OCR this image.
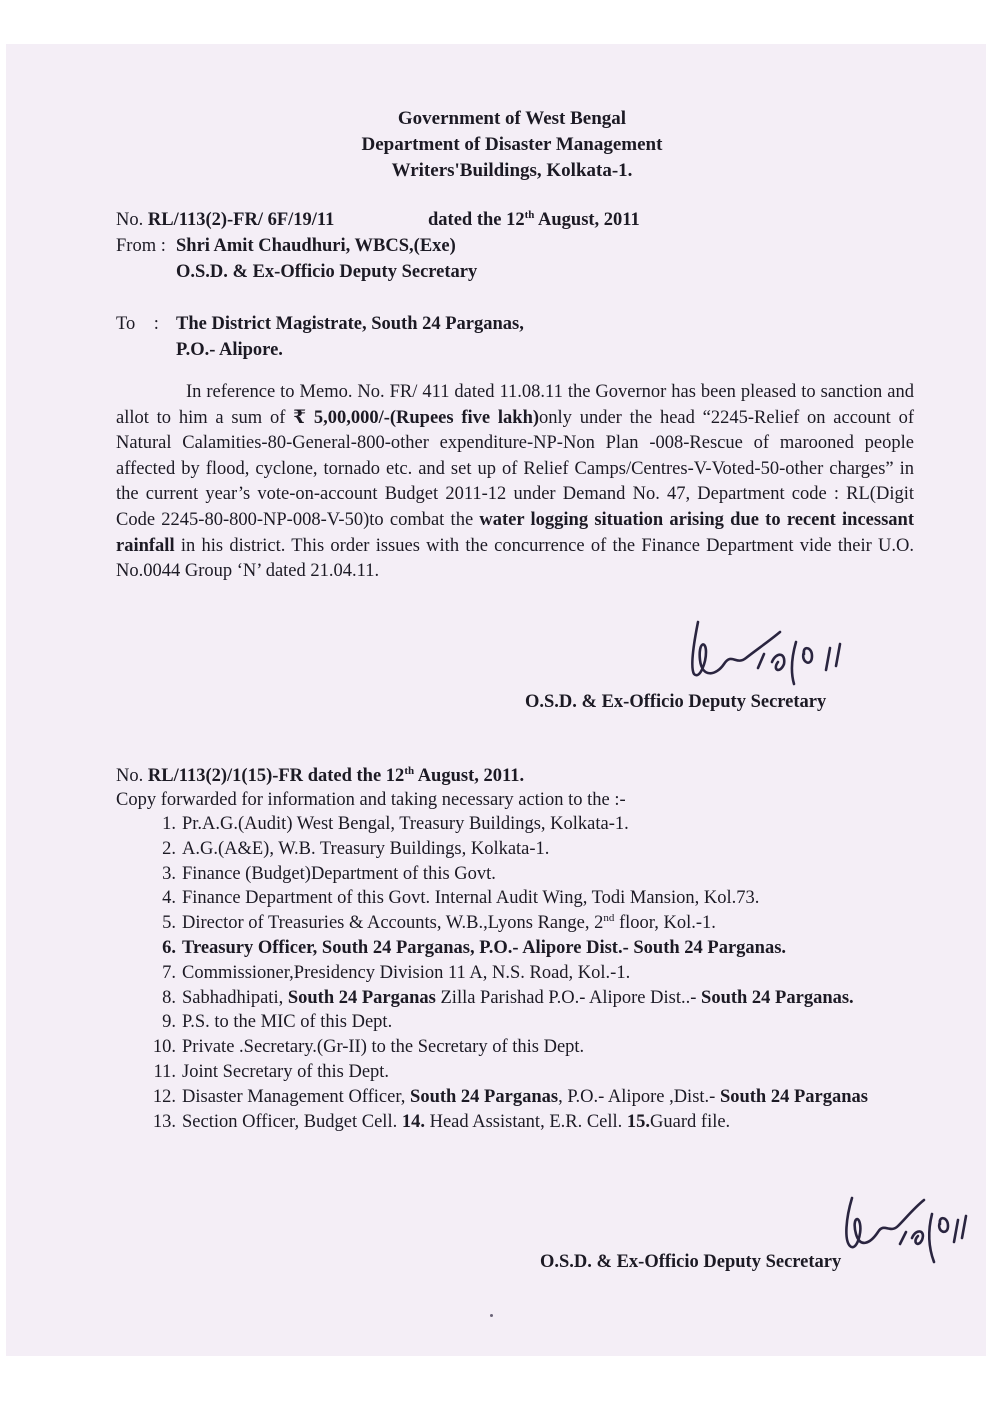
Government of West Bengal

Department of Disaster Management

Writers'Buildings, Kolkata-1.

No. RL/113(2)-FR/ 6F/19/11	dated the 12th August, 2011

From : Shri Amit Chaudhuri, WBCS,(Exe)

O.S.D. & Ex-Officio Deputy Secretary

To    : The District Magistrate, South 24 Parganas,

P.O.- Alipore.

In reference to Memo. No. FR/ 411 dated 11.08.11 the Governor has been pleased to sanction and allot to him a sum of ₹ 5,00,000/-(Rupees five lakh)only under the head “2245-Relief on account of Natural Calamities-80-General-800-other expenditure-NP-Non Plan -008-Rescue of marooned people affected by flood, cyclone, tornado etc. and set up of Relief Camps/Centres-V-Voted-50-other charges” in the current year’s vote-on-account Budget 2011-12 under Demand No. 47, Department code : RL(Digit Code 2245-80-800-NP-008-V-50)to combat the water logging situation arising due to recent incessant rainfall in his district. This order issues with the concurrence of the Finance Department vide their U.O. No.0044 Group ‘N’ dated 21.04.11.

O.S.D. & Ex-Officio Deputy Secretary

No. RL/113(2)/1(15)-FR dated the 12th August, 2011.

Copy forwarded for information and taking necessary action to the :-

1. Pr.A.G.(Audit) West Bengal, Treasury Buildings, Kolkata-1.
2. A.G.(A&E), W.B. Treasury Buildings, Kolkata-1.
3. Finance (Budget)Department of this Govt.
4. Finance Department of this Govt. Internal Audit Wing, Todi Mansion, Kol.73.
5. Director of Treasuries & Accounts, W.B.,Lyons Range, 2nd floor, Kol.-1.
6. Treasury Officer, South 24 Parganas, P.O.- Alipore Dist.- South 24 Parganas.
7. Commissioner,Presidency Division 11 A, N.S. Road, Kol.-1.
8. Sabhadhipati, South 24 Parganas Zilla Parishad P.O.- Alipore Dist..- South 24 Parganas.
9. P.S. to the MIC of this Dept.
10. Private .Secretary.(Gr-II) to the Secretary of this Dept.
11. Joint Secretary of this Dept.
12. Disaster Management Officer, South 24 Parganas, P.O.- Alipore ,Dist.- South 24 Parganas
13. Section Officer, Budget Cell. 14. Head Assistant, E.R. Cell. 15.Guard file.

O.S.D. & Ex-Officio Deputy Secretary
